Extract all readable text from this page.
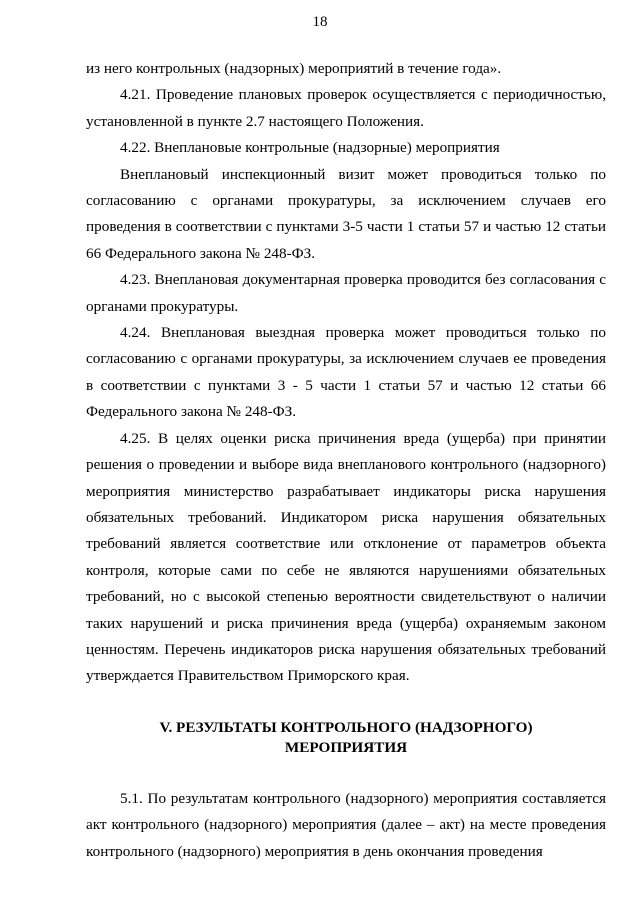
18

из него контрольных (надзорных) мероприятий в течение года».

4.21. Проведение плановых проверок осуществляется с периодичностью, установленной в пункте 2.7 настоящего Положения.

4.22. Внеплановые контрольные (надзорные) мероприятия

Внеплановый инспекционный визит может проводиться только по согласованию с органами прокуратуры, за исключением случаев его проведения в соответствии с пунктами 3-5 части 1 статьи 57 и частью 12 статьи 66 Федерального закона № 248-ФЗ.

4.23. Внеплановая документарная проверка проводится без согласования с органами прокуратуры.

4.24. Внеплановая выездная проверка может проводиться только по согласованию с органами прокуратуры, за исключением случаев ее проведения в соответствии с пунктами 3 - 5 части 1 статьи 57 и частью 12 статьи 66 Федерального закона № 248-ФЗ.

4.25. В целях оценки риска причинения вреда (ущерба) при принятии решения о проведении и выборе вида внепланового контрольного (надзорного) мероприятия министерство разрабатывает индикаторы риска нарушения обязательных требований. Индикатором риска нарушения обязательных требований является соответствие или отклонение от параметров объекта контроля, которые сами по себе не являются нарушениями обязательных требований, но с высокой степенью вероятности свидетельствуют о наличии таких нарушений и риска причинения вреда (ущерба) охраняемым законом ценностям. Перечень индикаторов риска нарушения обязательных требований утверждается Правительством Приморского края.

V. РЕЗУЛЬТАТЫ КОНТРОЛЬНОГО (НАДЗОРНОГО)
МЕРОПРИЯТИЯ

5.1. По результатам контрольного (надзорного) мероприятия составляется акт контрольного (надзорного) мероприятия (далее – акт) на месте проведения контрольного (надзорного) мероприятия в день окончания проведения
